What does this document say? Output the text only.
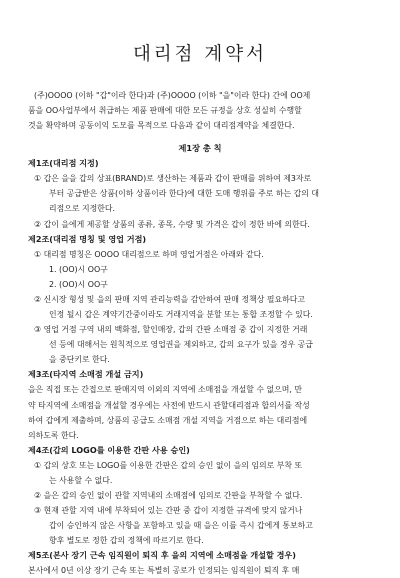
대리점 계약서

(주)OOOO (이하 "갑"이라 한다)과 (주)OOOO (이하 "을"이라 한다) 간에 OO제

품을 OO사업부에서 취급하는 제품 판매에 대한 모든 규정을 상호 성실히 수행할

것을 확약하며 공동이익 도모를 목적으로 다음과 같이 대리점계약을 체결한다.

제1장 총 칙

제1조(대리점 지정)

① 갑은 을을 갑의 상표(BRAND)로 생산하는 제품과 갑이 판매를 위하여 제3자로

부터 공급받은 상품(이하 상품이라 한다)에 대한 도매 행위를 주로 하는 갑의 대

리점으로 지정한다.

② 갑이 을에게 제공할 상품의 종류, 종목, 수량 및 가격은 갑이 정한 바에 의한다.

제2조(대리점 명칭 및 영업 거점)

① 대리점 명칭은 OOOO 대리점으로 하며 영업거점은 아래와 같다.

1. (OO)시 OO구

2. (OO)시 OO구

② 신시장 형성 및 을의 판매 지역 관리능력을 감안하여 판매 정책상 필요하다고

인정 될시 갑은 계약기간중이라도 거래지역을 분할 또는 통합 조정할 수 있다.

③ 영업 거점 구역 내의 백화점, 할인매장, 갑의 간판 소매점 중 갑이 지정한 거래

선 등에 대해서는 원칙적으로 영업권을 제외하고, 갑의 요구가 있을 경우 공급

을 중단키로 한다.

제3조(타지역 소매점 개설 금지)

을은 직접 또는 간접으로 판매지역 이외의 지역에 소매점을 개설할 수 없으며, 만

약 타지역에 소매점을 개설할 경우에는 사전에 반드시 관할대리점과 합의서를 작성

하여 갑에게 제출하며, 상품의 공급도 소매점 개설 지역을 거점으로 하는 대리점에

의하도록 한다.

제4조(갑의 LOGO를 이용한 간판 사용 승인)

① 갑의 상호 또는 LOGO를 이용한 간판은 갑의 승인 없이 을의 임의로 부착 또

는 사용할 수 없다.

② 을은 갑의 승인 없이 관할 지역내의 소매점에 임의로 간판을 부착할 수 없다.

③ 현재 관할 지역 내에 부착되어 있는 간판 중 갑이 지정한 규격에 맞지 않거나

갑이 승인하지 않은 사항을 포함하고 있을 때 을은 이를 즉시 갑에게 통보하고

향후 별도로 정한 갑의 정책에 따르기로 한다.

제5조(본사 장기 근속 임직원이 퇴직 후 을의 지역에 소매점을 개설할 경우)

본사에서 0년 이상 장기 근속 또는 특별히 공로가 인정되는 임직원이 퇴직 후 매
